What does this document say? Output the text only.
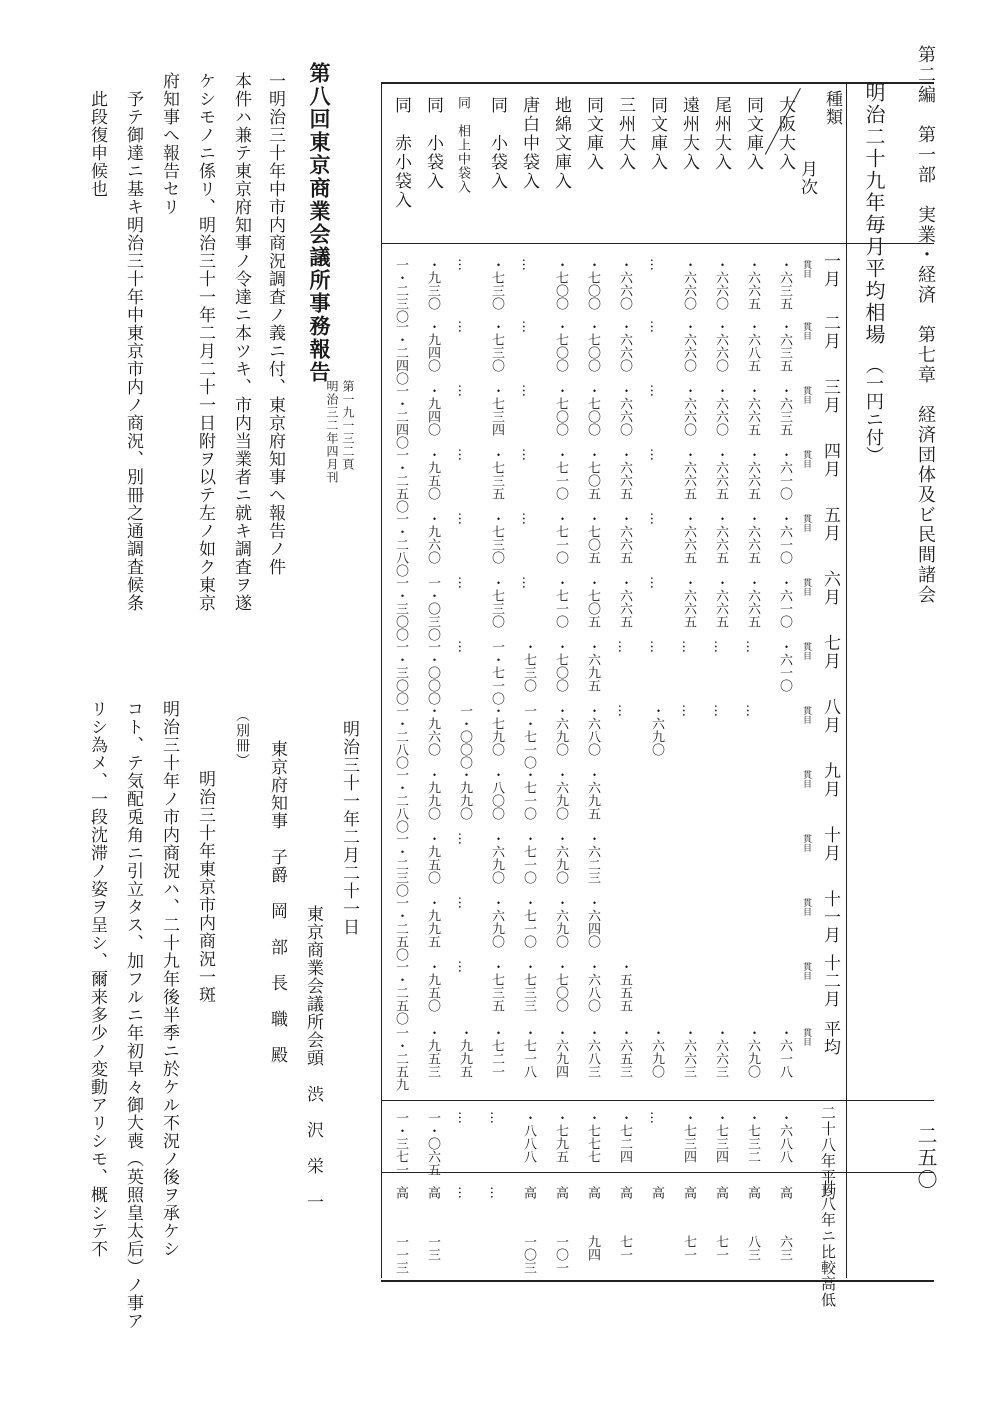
第二編　第一部　実業・経済　第七章　経済団体及ビ民間諸会
二五〇
明治二十九年毎月平均相場
（一円ニ付）
種類
月次
大阪大入
同文庫入
尾州大入
遠州大入
同文庫入
三州大入
同文庫入
地綿文庫入
唐白中袋入
同　小袋入
同　相上中袋入
同　小袋入
同　赤小袋入
一月
貫目
二月
貫目
三月
貫目
四月
貫目
五月
貫目
六月
貫目
七月
貫目
八月
貫目
九月
貫目
十月
貫目
十一月
貫目
十二月
貫目
平均
貫目
二十八年平均
廿八年ニ比較高低
・六三五
・六三五
・六三五
・六一〇
・六一〇
・六一〇
・六一〇
・六一八
・六八八
高
六三
・六六五
・六八五
・六六五
・六六五
・六六五
・六六五
…
…
・六九〇
・七三二
高
八三
・六六〇
・六六〇
・六六〇
・六六五
・六六五
・六六五
…
…
・六六三
・七三四
高
七一
・六六〇
・六六〇
・六六〇
・六六五
・六六五
・六六五
…
…
・六六三
・七三四
高
七一
…
…
…
…
…
…
…
・六九〇
・六九〇
…
高
・六六〇
・六六〇
・六六〇
・六六五
・六六五
・六六五
…
…
・五五五
・六五三
・七二四
高
七一
・七〇〇
・七〇〇
・七〇〇
・七〇五
・七〇五
・七〇五
・六九五
・六八〇
・六九五
・六二三
・六四〇
・六八〇
・六八三
・七七七
高
九四
・七〇〇
・七〇〇
・七〇〇
・七一〇
・七一〇
・七一〇
・七〇〇
・六九〇
・六九〇
・六九〇
・六九〇
・七〇〇
・六九四
・七九五
高
一〇一
…
…
…
…
…
…
・七三〇
一・七一〇
・七一〇
・七一〇
・七一〇
・七三三
・七一八
・八八八
高
一〇三
・七三〇
・七三〇
・七三四
・七三五
・七三〇
・七三〇
一・七一〇
・七九〇
・八〇〇
・六九〇
・六九〇
・七三五
・七二一
…
…
…
…
…
…
…
…
…
一・〇〇〇
・九九〇
…
…
…
・九九五
…
…
・九三〇
・九四〇
・九四〇
・九五〇
・九六〇
一・〇三〇
一・〇〇〇
・九六〇
・九九〇
・九五〇
・九九五
・九五〇
・九五三
一・〇六五
高
一三
一・二三〇
一・二四〇
一・二四〇
一・二五〇
一・二八〇
一・三〇〇
一・三〇〇
一・二八〇
一・二八〇
一・二三〇
一・二五〇
一・二五〇
一・二五九
一・三七一
高
一一三
第八回東京商業会議所事務報告
第一九一三二頁
明治三二年四月刊
一明治三十年中市内商況調査ノ義ニ付、東京府知事へ報告ノ件
本件ハ兼テ東京府知事ノ令達ニ本ツキ、市内当業者ニ就キ調査ヲ遂
ケシモノニ係リ、明治三十一年二月二十一日附ヲ以テ左ノ如ク東京
府知事へ報告セリ
予テ御達ニ基キ明治三十年中東京市内ノ商況、別冊之通調査候条
此段復申候也
明治三十一年二月二十一日
東京商業会議所会頭　渋　沢　栄　一
東京府知事　子爵　岡　部　長　職　殿
（別冊）
明治三十年東京市内商況一斑
明治三十年ノ市内商況ハ、二十九年後半季ニ於ケル不況ノ後ヲ承ケシ
コト、テ気配兎角ニ引立タス、加フルニ年初早々御大喪（英照皇太后）ノ事ア
リシ為メ、一段沈滞ノ姿ヲ呈シ、爾来多少ノ変動アリシモ、概シテ不
